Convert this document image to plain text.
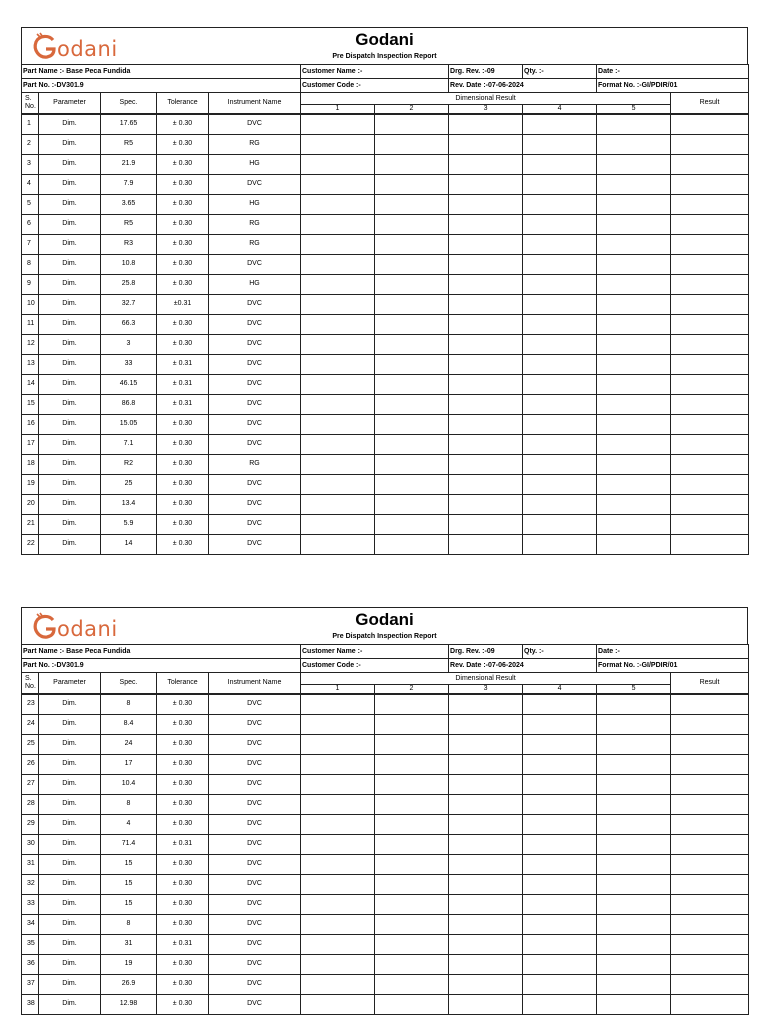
odani	Godani
Pre Dispatch Inspection Report
Part Name :- Base Peca Fundida					Customer Name :-		Drg. Rev. :-09	Qty. :-	Date :-	
Part No. :-DV301.9					Customer Code :-		Rev. Date :-07-06-2024		Format No. :-GI/PDIR/01	
S. No.	Parameter	Spec.	Tolerance	Instrument Name	Dimensional Result					Result
					1	2	3	4	5	
1	Dim.	17.65	± 0.30	DVC						
2	Dim.	R5	± 0.30	RG						
3	Dim.	21.9	± 0.30	HG						
4	Dim.	7.9	± 0.30	DVC						
5	Dim.	3.65	± 0.30	HG						
6	Dim.	R5	± 0.30	RG						
7	Dim.	R3	± 0.30	RG						
8	Dim.	10.8	± 0.30	DVC						
9	Dim.	25.8	± 0.30	HG						
10	Dim.	32.7	±0.31	DVC						
11	Dim.	66.3	± 0.30	DVC						
12	Dim.	3	± 0.30	DVC						
13	Dim.	33	± 0.31	DVC						
14	Dim.	46.15	± 0.31	DVC						
15	Dim.	86.8	± 0.31	DVC						
16	Dim.	15.05	± 0.30	DVC						
17	Dim.	7.1	± 0.30	DVC						
18	Dim.	R2	± 0.30	RG						
19	Dim.	25	± 0.30	DVC						
20	Dim.	13.4	± 0.30	DVC						
21	Dim.	5.9	± 0.30	DVC						
22	Dim.	14	± 0.30	DVC						
odani	Godani
Pre Dispatch Inspection Report
Part Name :- Base Peca Fundida					Customer Name :-		Drg. Rev. :-09	Qty. :-	Date :-	
Part No. :-DV301.9					Customer Code :-		Rev. Date :-07-06-2024		Format No. :-GI/PDIR/01	
S. No.	Parameter	Spec.	Tolerance	Instrument Name	Dimensional Result					Result
					1	2	3	4	5	
23	Dim.	8	± 0.30	DVC						
24	Dim.	8.4	± 0.30	DVC						
25	Dim.	24	± 0.30	DVC						
26	Dim.	17	± 0.30	DVC						
27	Dim.	10.4	± 0.30	DVC						
28	Dim.	8	± 0.30	DVC						
29	Dim.	4	± 0.30	DVC						
30	Dim.	71.4	± 0.31	DVC						
31	Dim.	15	± 0.30	DVC						
32	Dim.	15	± 0.30	DVC						
33	Dim.	15	± 0.30	DVC						
34	Dim.	8	± 0.30	DVC						
35	Dim.	31	± 0.31	DVC						
36	Dim.	19	± 0.30	DVC						
37	Dim.	26.9	± 0.30	DVC						
38	Dim.	12.98	± 0.30	DVC						
